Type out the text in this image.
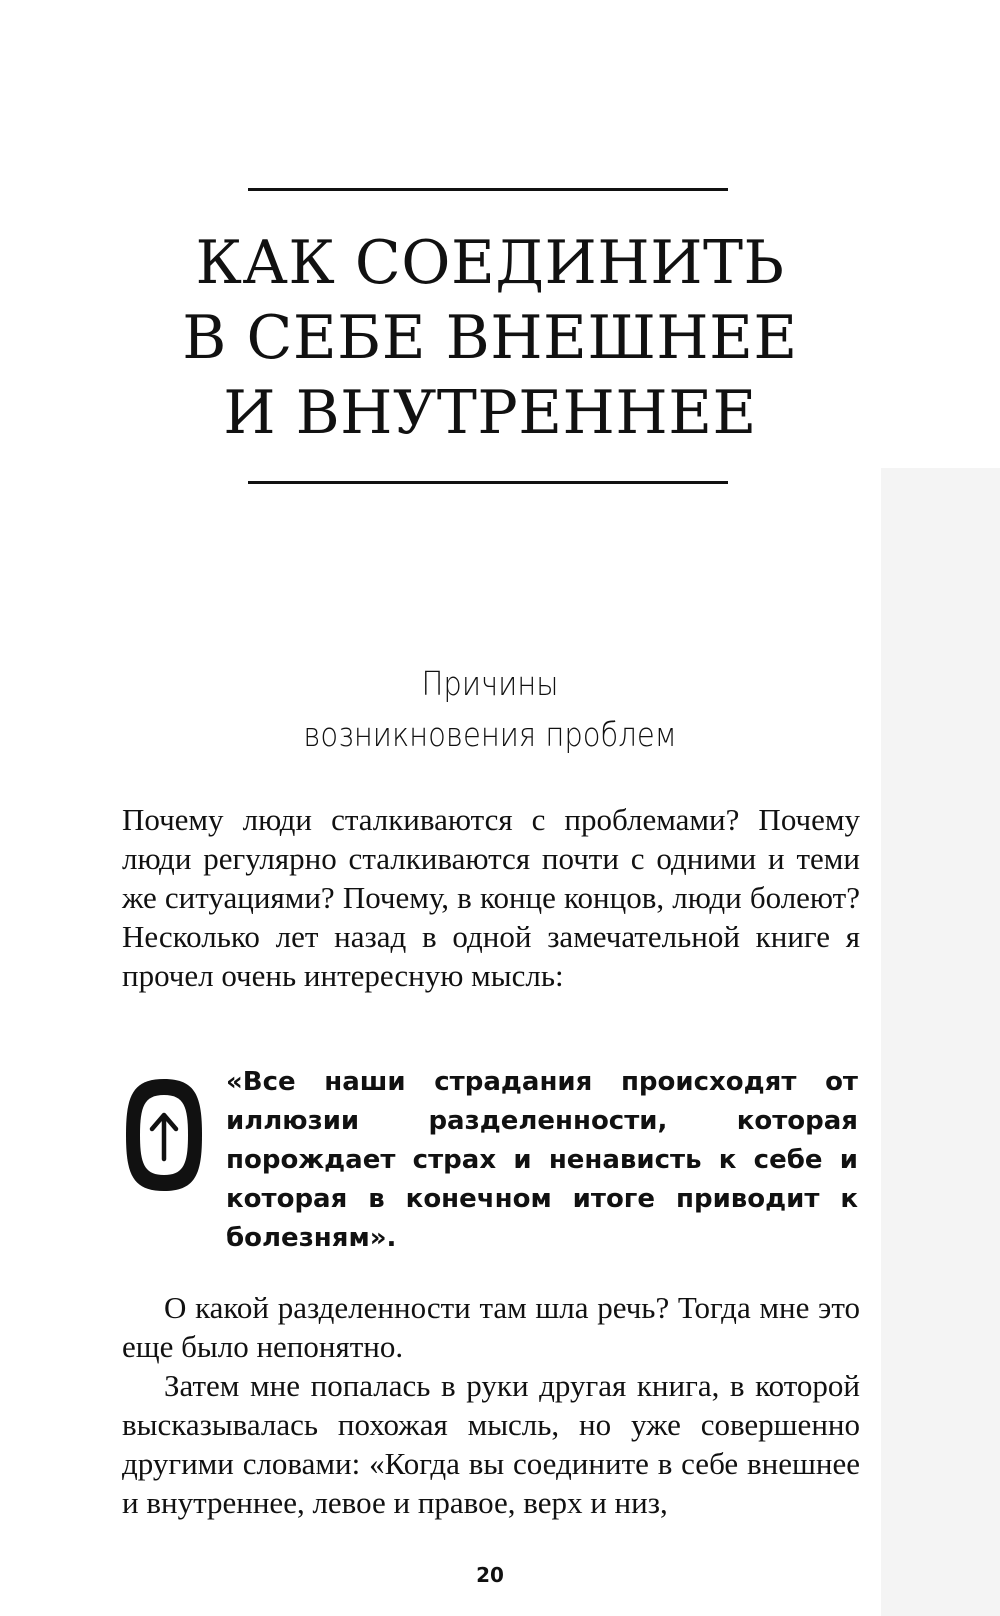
КАК СОЕДИНИТЬ
В СЕБЕ ВНЕШНЕЕ
И ВНУТРЕННЕЕ
Причины
возникновения проблем
Почему люди сталкиваются с проблемами? Почему люди регулярно сталкиваются почти с одними и теми же ситуациями? Почему, в конце концов, люди болеют? Несколько лет назад в одной замечательной книге я прочел очень интересную мысль:
«Все наши страдания происходят от иллюзии разделенности, которая порождает страх и ненависть к себе и которая в конечном итоге приводит к болезням».
О какой разделенности там шла речь? Тогда мне это еще было непонятно.
Затем мне попалась в руки другая книга, в которой высказывалась похожая мысль, но уже совершенно другими словами: «Когда вы соедините в себе внешнее и внутреннее, левое и правое, верх и низ,
20
